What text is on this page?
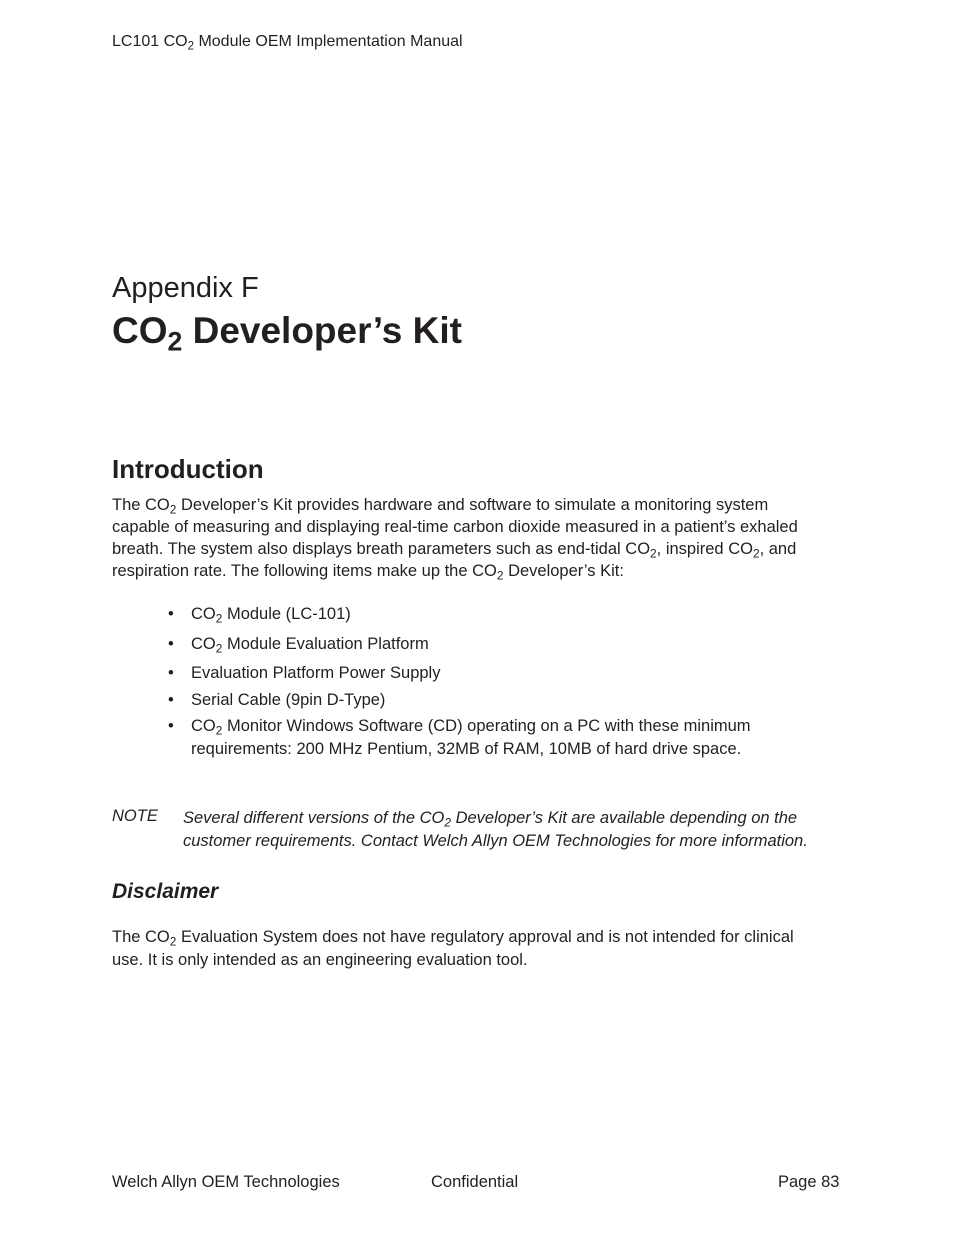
LC101 $CO_2$ Module OEM Implementation Manual
Appendix F
$CO_2$ Developer’s Kit
Introduction

The $CO_2$ Developer’s Kit provides hardware and software to simulate a monitoring system

capable of measuring and displaying real-time carbon dioxide measured in a patient’s exhaled

breath. The system also displays breath parameters such as end-tidal $CO_2$, inspired $CO_2$, and

respiration rate. The following items make up the $CO_2$ Developer’s Kit:

• $CO_2$ Module (LC-101)
• $CO_2$ Module Evaluation Platform
• Evaluation Platform Power Supply
• Serial Cable (9pin D-Type)
• $CO_2$ Monitor Windows Software (CD) operating on a PC with these minimum
requirements: 200 MHz Pentium, 32MB of RAM, 10MB of hard drive space.
NOTE Several different versions of the $CO_2$ Developer’s Kit are available depending on the
customer requirements. Contact Welch Allyn OEM Technologies for more information.
Disclaimer
The $CO_2$ Evaluation System does not have regulatory approval and is not intended for clinical
use. It is only intended as an engineering evaluation tool.
Welch Allyn OEM Technologies	Confidential	Page 83
